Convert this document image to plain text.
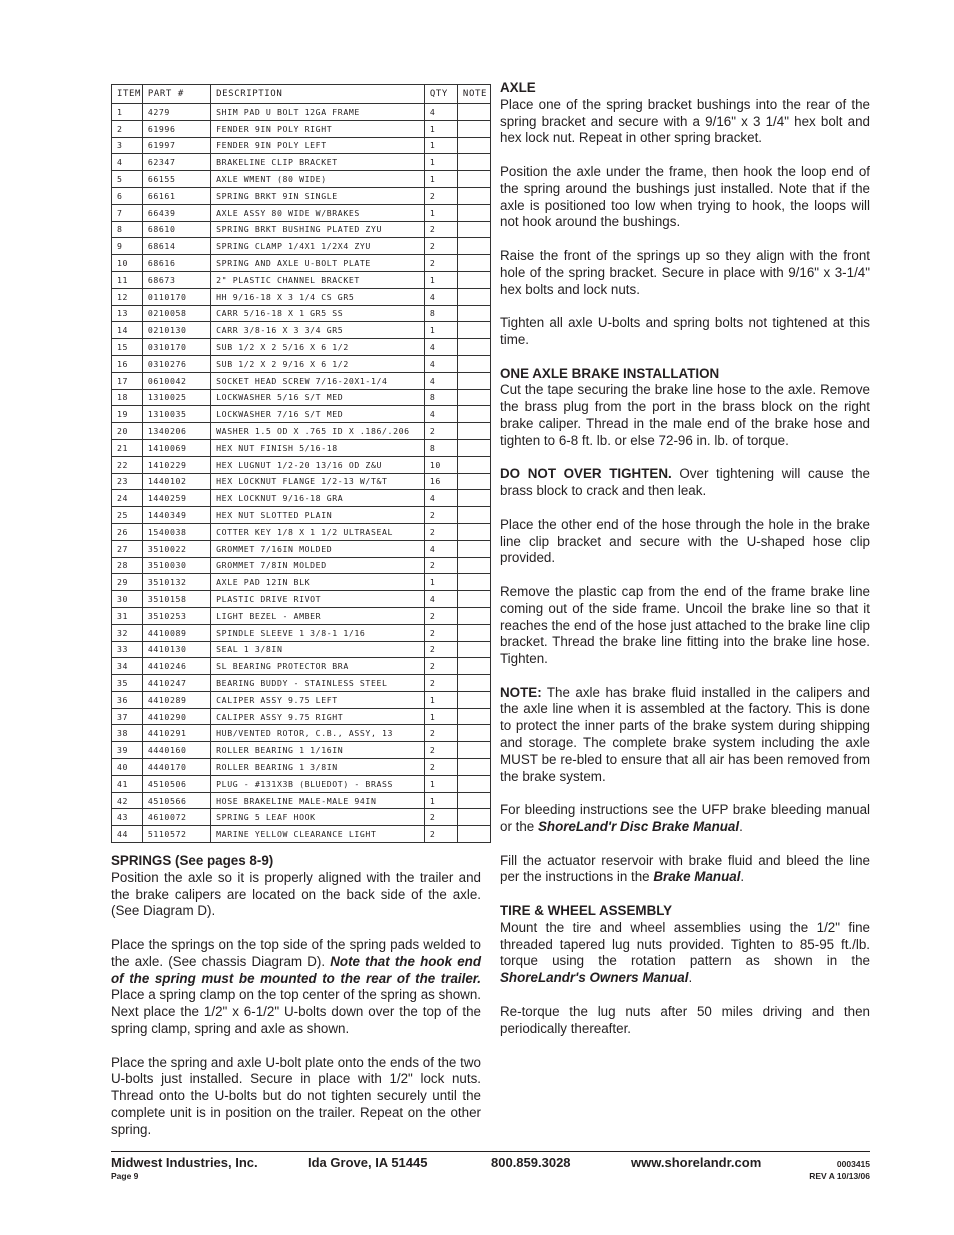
ITEM	PART #	DESCRIPTION	QTY	NOTE
1	4279	SHIM PAD U BOLT 12GA FRAME	4	
2	61996	FENDER 9IN POLY RIGHT	1	
3	61997	FENDER 9IN POLY LEFT	1	
4	62347	BRAKELINE CLIP BRACKET	1	
5	66155	AXLE WMENT (80 WIDE)	1	
6	66161	SPRING BRKT 9IN SINGLE	2	
7	66439	AXLE ASSY 80 WIDE W/BRAKES	1	
8	68610	SPRING BRKT BUSHING PLATED ZYU	2	
9	68614	SPRING CLAMP 1/4X1 1/2X4 ZYU	2	
10	68616	SPRING AND AXLE U-BOLT PLATE	2	
11	68673	2" PLASTIC CHANNEL BRACKET	1	
12	0110170	HH 9/16-18 X 3 1/4 CS GR5	4	
13	0210058	CARR 5/16-18 X 1 GR5 SS	8	
14	0210130	CARR 3/8-16 X 3 3/4 GR5	1	
15	0310170	SUB 1/2 X 2 5/16 X 6 1/2	4	
16	0310276	SUB 1/2 X 2 9/16 X 6 1/2	4	
17	0610042	SOCKET HEAD SCREW 7/16-20X1-1/4	4	
18	1310025	LOCKWASHER 5/16 S/T MED	8	
19	1310035	LOCKWASHER 7/16 S/T MED	4	
20	1340206	WASHER 1.5 OD X .765 ID X .186/.206	2	
21	1410069	HEX NUT FINISH 5/16-18	8	
22	1410229	HEX LUGNUT 1/2-20 13/16 OD Z&U	10	
23	1440102	HEX LOCKNUT FLANGE 1/2-13 W/T&T	16	
24	1440259	HEX LOCKNUT 9/16-18 GRA	4	
25	1440349	HEX NUT SLOTTED PLAIN	2	
26	1540038	COTTER KEY 1/8 X 1 1/2 ULTRASEAL	2	
27	3510022	GROMMET 7/16IN MOLDED	4	
28	3510030	GROMMET 7/8IN MOLDED	2	
29	3510132	AXLE PAD 12IN BLK	1	
30	3510158	PLASTIC DRIVE RIVOT	4	
31	3510253	LIGHT BEZEL - AMBER	2	
32	4410089	SPINDLE SLEEVE 1 3/8-1 1/16	2	
33	4410130	SEAL 1 3/8IN	2	
34	4410246	SL BEARING PROTECTOR BRA	2	
35	4410247	BEARING BUDDY - STAINLESS STEEL	2	
36	4410289	CALIPER ASSY 9.75 LEFT	1	
37	4410290	CALIPER ASSY 9.75 RIGHT	1	
38	4410291	HUB/VENTED ROTOR, C.B., ASSY, 13	2	
39	4440160	ROLLER BEARING 1 1/16IN	2	
40	4440170	ROLLER BEARING 1 3/8IN	2	
41	4510506	PLUG - #131X3B (BLUEDOT) - BRASS	1	
42	4510566	HOSE BRAKELINE MALE-MALE 94IN	1	
43	4610072	SPRING 5 LEAF HOOK	2	
44	5110572	MARINE YELLOW CLEARANCE LIGHT	2	
SPRINGS (See pages 8-9)

Position the axle so it is properly aligned with the trailer and the brake calipers are located on the back side of the axle. (See Diagram D).

Place the springs on the top side of the spring pads welded to the axle. (See chassis Diagram D). Note that the hook end of the spring must be mounted to the rear of the trailer. Place a spring clamp on the top center of the spring as shown. Next place the 1/2" x 6-1/2" U-bolts down over the top of the spring clamp, spring and axle as shown.

Place the spring and axle U-bolt plate onto the ends of the two U-bolts just installed. Secure in place with 1/2" lock nuts. Thread onto the U-bolts but do not tighten securely until the complete unit is in position on the trailer. Repeat on the other spring.

AXLE

Place one of the spring bracket bushings into the rear of the spring bracket and secure with a 9/16" x 3 1/4" hex bolt and hex lock nut. Repeat in other spring bracket.

Position the axle under the frame, then hook the loop end of the spring around the bushings just installed. Note that if the axle is positioned too low when trying to hook, the loops will not hook around the bushings.

Raise the front of the springs up so they align with the front hole of the spring bracket. Secure in place with 9/16" x 3-1/4" hex bolts and lock nuts.

Tighten all axle U-bolts and spring bolts not tightened at this time.

ONE AXLE BRAKE INSTALLATION

Cut the tape securing the brake line hose to the axle. Remove the brass plug from the port in the brass block on the right brake caliper. Thread in the male end of the brake hose and tighten to 6-8 ft. lb. or else 72-96 in. lb. of torque.

DO NOT OVER TIGHTEN. Over tightening will cause the brass block to crack and then leak.

Place the other end of the hose through the hole in the brake line clip bracket and secure with the U-shaped hose clip provided.

Remove the plastic cap from the end of the frame brake line coming out of the side frame. Uncoil the brake line so that it reaches the end of the hose just attached to the brake line clip bracket. Thread the brake line fitting into the brake line hose. Tighten.

NOTE: The axle has brake fluid installed in the calipers and the axle line when it is assembled at the factory. This is done to protect the inner parts of the brake system during shipping and storage. The complete brake system including the axle MUST be re-bled to ensure that all air has been removed from the brake system.

For bleeding instructions see the UFP brake bleeding manual or the ShoreLand'r Disc Brake Manual.

Fill the actuator reservoir with brake fluid and bleed the line per the instructions in the Brake Manual.

TIRE & WHEEL ASSEMBLY

Mount the tire and wheel assemblies using the 1/2" fine threaded tapered lug nuts provided. Tighten to 85-95 ft./lb. torque using the rotation pattern as shown in the ShoreLandr's Owners Manual.

Re-torque the lug nuts after 50 miles driving and then periodically thereafter.

Midwest Industries, Inc.	Ida Grove, IA 51445	800.859.3028	www.shorelandr.com
Page 9
0003415
REV A 10/13/06
